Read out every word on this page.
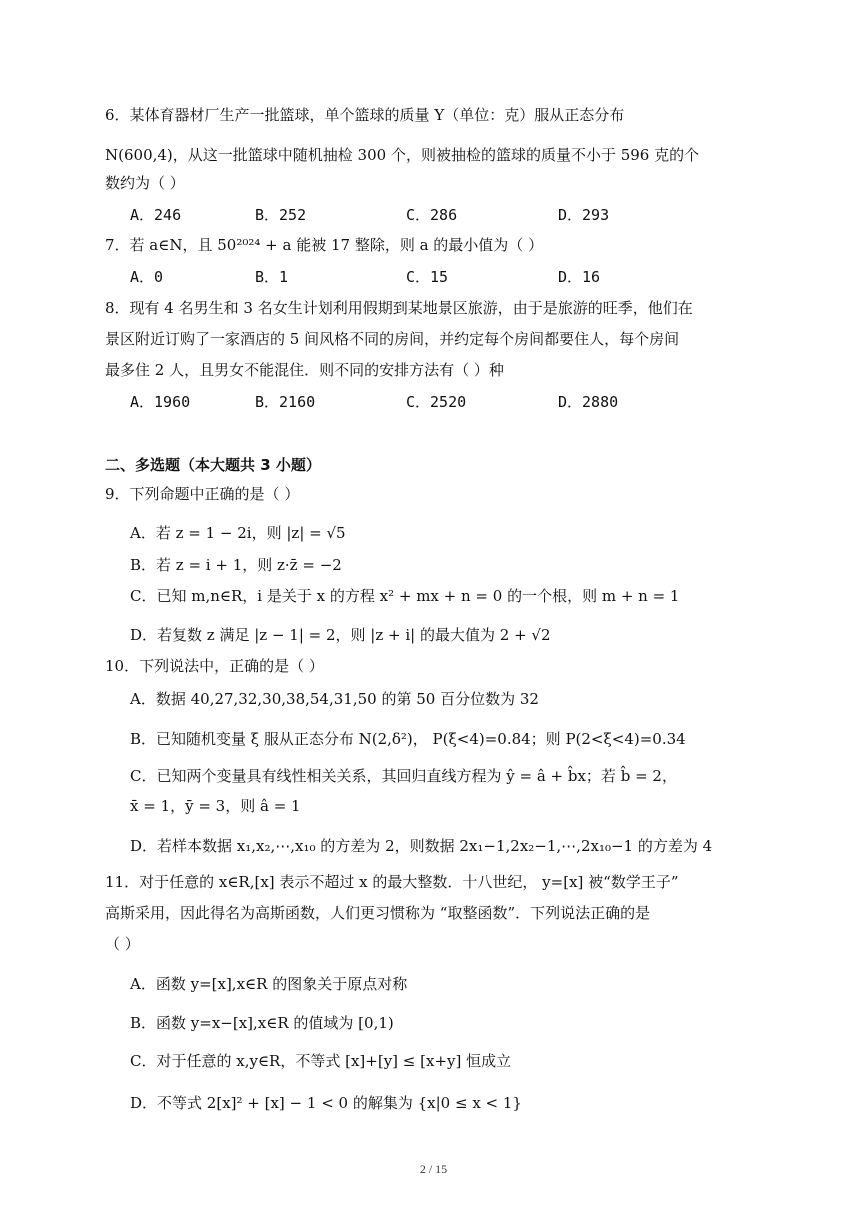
6．某体育器材厂生产一批篮球，单个篮球的质量 Y（单位：克）服从正态分布
N(600,4)，从这一批篮球中随机抽检 300 个，则被抽检的篮球的质量不小于 596 克的个
数约为（ ）
A．246	B．252	C．286	D．293
7．若 a∈N，且 50²⁰²⁴ + a 能被 17 整除，则 a 的最小值为（ ）
A．0	B．1	C．15	D．16
8．现有 4 名男生和 3 名女生计划利用假期到某地景区旅游，由于是旅游的旺季，他们在
景区附近订购了一家酒店的 5 间风格不同的房间，并约定每个房间都要住人，每个房间
最多住 2 人，且男女不能混住．则不同的安排方法有（ ）种
A．1960	B．2160	C．2520	D．2880
二、多选题（本大题共 3 小题）
9．下列命题中正确的是（ ）
A．若 z = 1 − 2i，则 |z| = √5
B．若 z = i + 1，则 z·z̄ = −2
C．已知 m,n∈R，i 是关于 x 的方程 x² + mx + n = 0 的一个根，则 m + n = 1
D．若复数 z 满足 |z − 1| = 2，则 |z + i| 的最大值为 2 + √2
10．下列说法中，正确的是（ ）
A．数据 40,27,32,30,38,54,31,50 的第 50 百分位数为 32
B．已知随机变量 ξ 服从正态分布 N(2,δ²)， P(ξ<4)=0.84；则 P(2<ξ<4)=0.34
C．已知两个变量具有线性相关关系，其回归直线方程为 ŷ = â + b̂x；若 b̂ = 2，
x̄ = 1，ȳ = 3，则 â = 1
D．若样本数据 x₁,x₂,⋯,x₁₀ 的方差为 2，则数据 2x₁−1,2x₂−1,⋯,2x₁₀−1 的方差为 4
11．对于任意的 x∈R,[x] 表示不超过 x 的最大整数．十八世纪， y=[x] 被“数学王子”
高斯采用，因此得名为高斯函数，人们更习惯称为 “取整函数”．下列说法正确的是
（ ）
A．函数 y=[x],x∈R 的图象关于原点对称
B．函数 y=x−[x],x∈R 的值域为 [0,1)
C．对于任意的 x,y∈R，不等式 [x]+[y] ≤ [x+y] 恒成立
D．不等式 2[x]² + [x] − 1 < 0 的解集为 {x|0 ≤ x < 1}
2 / 15
